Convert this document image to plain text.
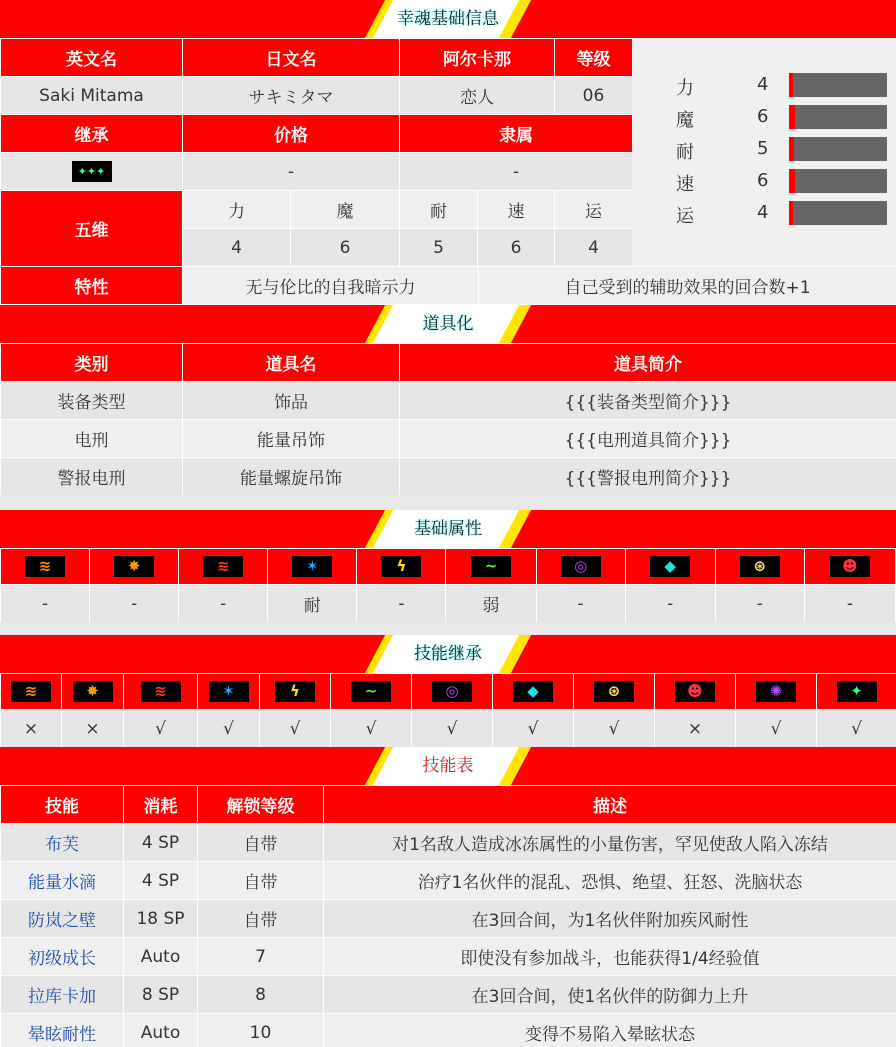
幸魂基础信息
英文名	日文名		阿尔卡那		等级
Saki Mitama	サキミタマ		恋人		06
继承	价格		隶属		

✦✦✦	-		-		
五维	力	魔	耐	速	运
	4	6	5	6	4
力	4
魔	6
耐	5
速	6
运	4
特性	无与伦比的自我暗示力	自己受到的辅助效果的回合数+1
道具化
类别	道具名	道具简介
装备类型	饰品	{{{装备类型简介}}}
电刑	能量吊饰	{{{电刑道具简介}}}
警报电刑	能量螺旋吊饰	{{{警报电刑简介}}}
基础属性
≋	✸	≋	✶	ϟ	~	◎	◆	⊛	☻

-	-	-	耐	-	弱	-	-	-	-
技能继承
≋	✸	≋	✶	ϟ	~	◎	◆	⊛	☻	✺	✦

×	×	√	√	√	√	√	√	√	×	√	√
技能表
技能	消耗	解锁等级	描述
布芙	4 SP	自带	对1名敌人造成冰冻属性的小量伤害，罕见使敌人陷入冻结
能量水滴	4 SP	自带	治疗1名伙伴的混乱、恐惧、绝望、狂怒、洗脑状态
防岚之壁	18 SP	自带	在3回合间，为1名伙伴附加疾风耐性
初级成长	Auto	7	即使没有参加战斗，也能获得1/4经验值
拉库卡加	8 SP	8	在3回合间，使1名伙伴的防御力上升
晕眩耐性	Auto	10	变得不易陷入晕眩状态
